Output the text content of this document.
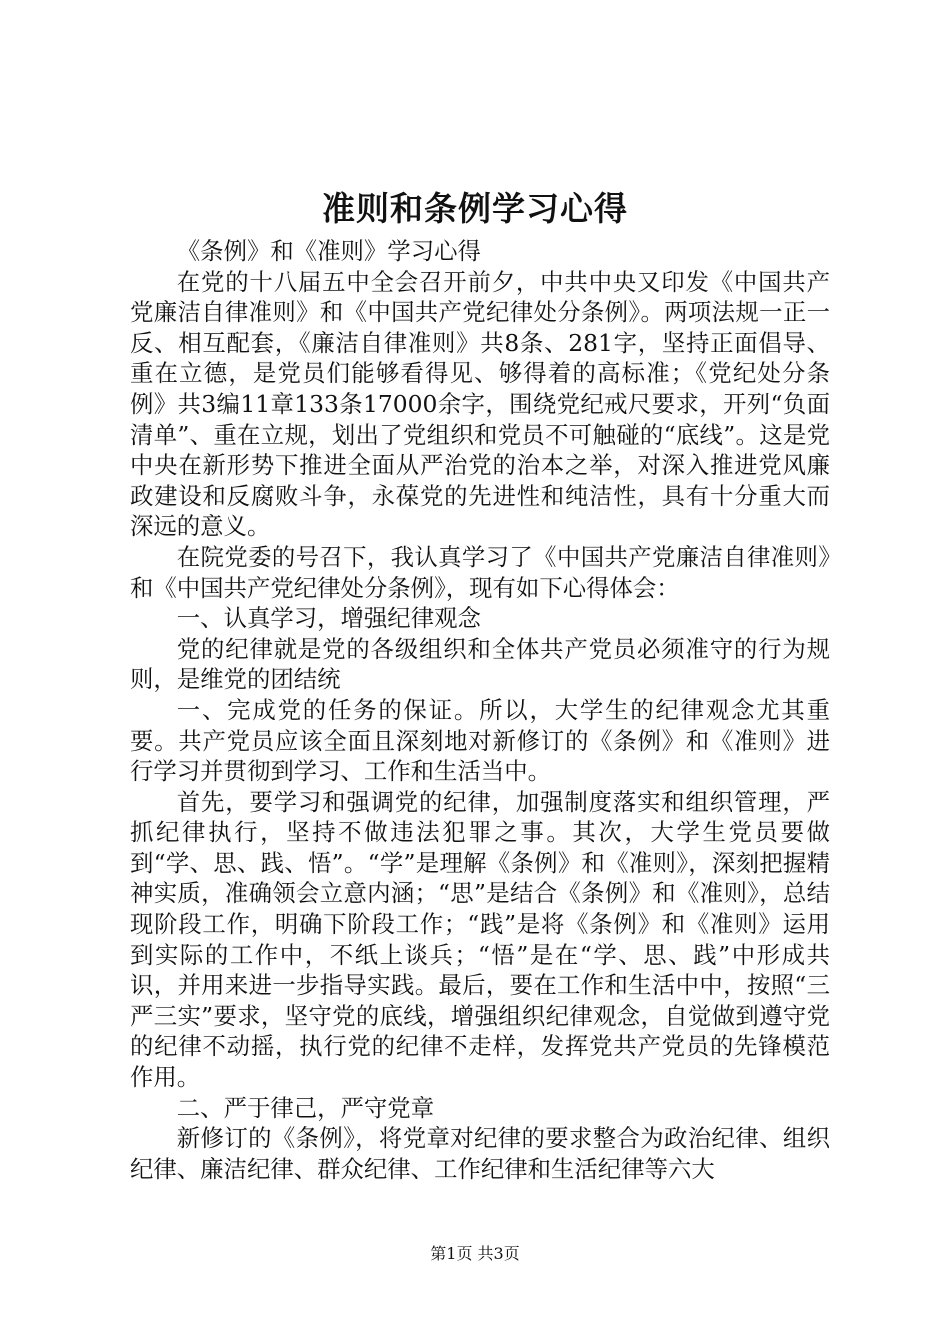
准则和条例学习心得

《条例》和《准则》学习心得

在党的十八届五中全会召开前夕，中共中央又印发《中国共产党廉洁自律准则》和《中国共产党纪律处分条例》。两项法规一正一反、相互配套，《廉洁自律准则》共8条、281字，坚持正面倡导、重在立德，是党员们能够看得见、够得着的高标准；《党纪处分条例》共3编11章133条17000余字，围绕党纪戒尺要求，开列“负面清单”、重在立规，划出了党组织和党员不可触碰的“底线”。这是党中央在新形势下推进全面从严治党的治本之举，对深入推进党风廉政建设和反腐败斗争，永葆党的先进性和纯洁性，具有十分重大而深远的意义。

在院党委的号召下，我认真学习了《中国共产党廉洁自律准则》和《中国共产党纪律处分条例》，现有如下心得体会：

一、认真学习，增强纪律观念

党的纪律就是党的各级组织和全体共产党员必须准守的行为规则，是维党的团结统

一、完成党的任务的保证。所以，大学生的纪律观念尤其重要。共产党员应该全面且深刻地对新修订的《条例》和《准则》进行学习并贯彻到学习、工作和生活当中。

首先，要学习和强调党的纪律，加强制度落实和组织管理，严抓纪律执行，坚持不做违法犯罪之事。其次，大学生党员要做到“学、思、践、悟”。“学”是理解《条例》和《准则》，深刻把握精神实质，准确领会立意内涵；“思”是结合《条例》和《准则》，总结现阶段工作，明确下阶段工作；“践”是将《条例》和《准则》运用到实际的工作中，不纸上谈兵；“悟”是在“学、思、践”中形成共识，并用来进一步指导实践。最后，要在工作和生活中中，按照“三严三实”要求，坚守党的底线，增强组织纪律观念，自觉做到遵守党的纪律不动摇，执行党的纪律不走样，发挥党共产党员的先锋模范作用。

二、严于律己，严守党章

新修订的《条例》，将党章对纪律的要求整合为政治纪律、组织纪律、廉洁纪律、群众纪律、工作纪律和生活纪律等六大

第1页 共3页
